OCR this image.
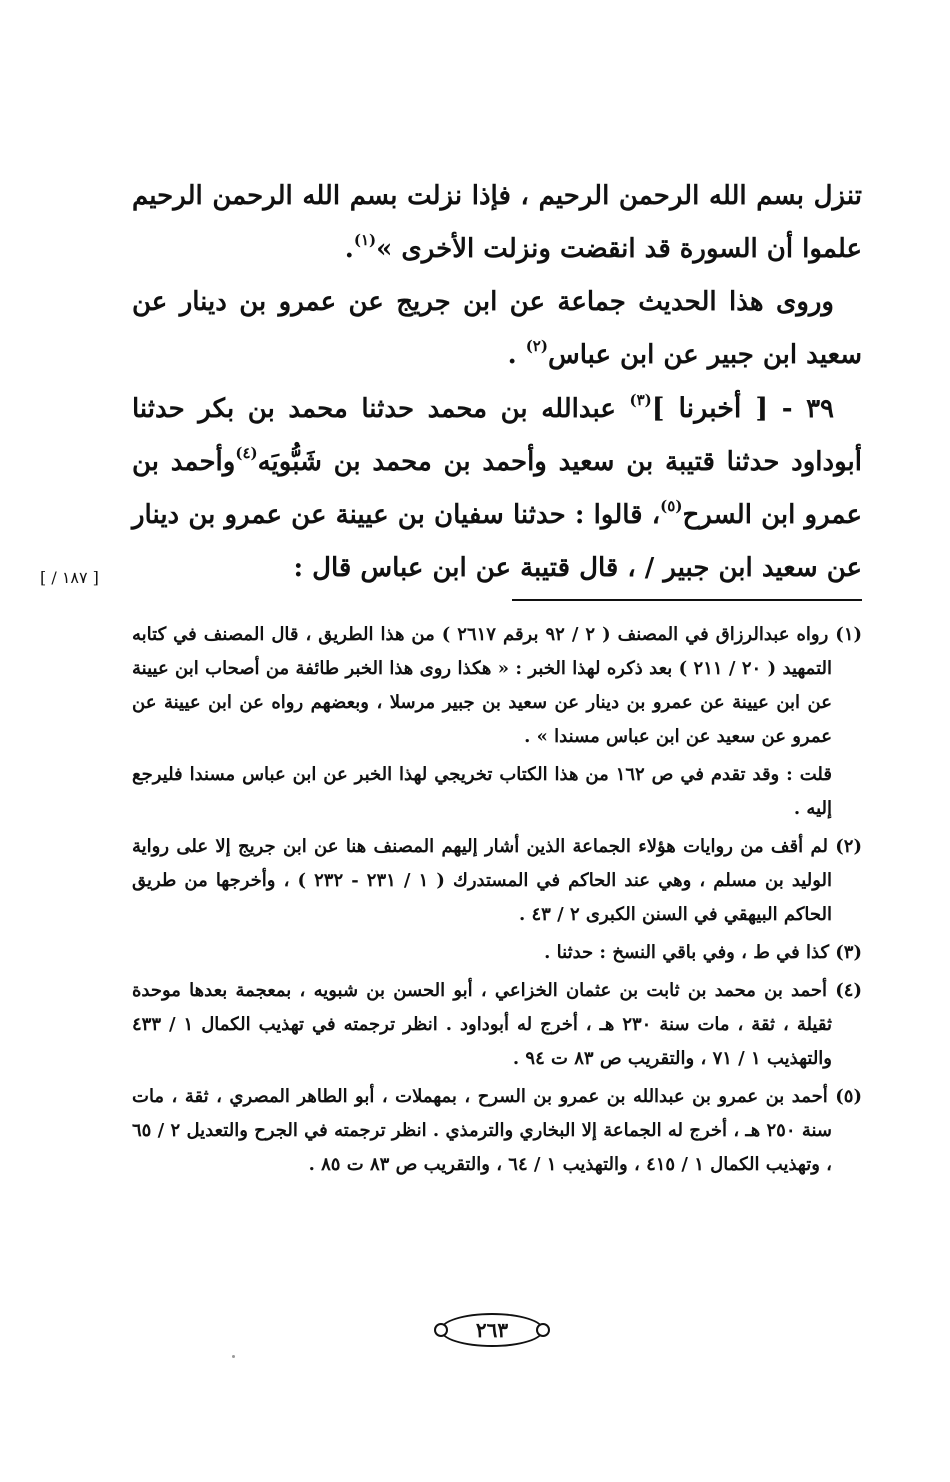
تنزل بسم الله الرحمن الرحيم ، فإذا نزلت بسم الله الرحمن الرحيم علموا أن السورة قد انقضت ونزلت الأخرى »$^{(١)}$.

وروى هذا الحديث جماعة عن ابن جريج عن عمرو بن دينار عن سعيد ابن جبير عن ابن عباس$^{(٢)}$ .

٣٩ - [ أخبرنا ]$^{(٣)}$ عبدالله بن محمد حدثنا محمد بن بكر حدثنا أبوداود حدثنا قتيبة بن سعيد وأحمد بن محمد بن شَبُّويَه$^{(٤)}$وأحمد بن عمرو ابن السرح$^{(٥)}$، قالوا : حدثنا سفيان بن عيينة عن عمرو بن دينار عن سعيد ابن جبير / ، قال قتيبة عن ابن عباس قال :

[ ١٨٧ / ]

(١) رواه عبدالرزاق في المصنف ( ٢ / ٩٢ برقم ٢٦١٧ ) من هذا الطريق ، قال المصنف في كتابه التمهيد ( ٢٠ / ٢١١ ) بعد ذكره لهذا الخبر : « هكذا روى هذا الخبر طائفة من أصحاب ابن عيينة عن ابن عيينة عن عمرو بن دينار عن سعيد بن جبير مرسلا ، وبعضهم رواه عن ابن عيينة عن عمرو عن سعيد عن ابن عباس مسندا » .

قلت : وقد تقدم في ص ١٦٢ من هذا الكتاب تخريجي لهذا الخبر عن ابن عباس مسندا فليرجع إليه .

(٢) لم أقف من روايات هؤلاء الجماعة الذين أشار إليهم المصنف هنا عن ابن جريج إلا على رواية الوليد بن مسلم ، وهي عند الحاكم في المستدرك ( ١ / ٢٣١ - ٢٣٢ ) ، وأخرجها من طريق الحاكم البيهقي في السنن الكبرى ٢ / ٤٣ .

(٣) كذا في ط ، وفي باقي النسخ : حدثنا .

(٤) أحمد بن محمد بن ثابت بن عثمان الخزاعي ، أبو الحسن بن شبويه ، بمعجمة بعدها موحدة ثقيلة ، ثقة ، مات سنة ٢٣٠ هـ ، أخرج له أبوداود . انظر ترجمته في تهذيب الكمال ١ / ٤٣٣ والتهذيب ١ / ٧١ ، والتقريب ص ٨٣ ت ٩٤ .

(٥) أحمد بن عمرو بن عبدالله بن عمرو بن السرح ، بمهملات ، أبو الطاهر المصري ، ثقة ، مات سنة ٢٥٠ هـ ، أخرج له الجماعة إلا البخاري والترمذي . انظر ترجمته في الجرح والتعديل ٢ / ٦٥ ، وتهذيب الكمال ١ / ٤١٥ ، والتهذيب ١ / ٦٤ ، والتقريب ص ٨٣ ت ٨٥ .

٢٦٣
